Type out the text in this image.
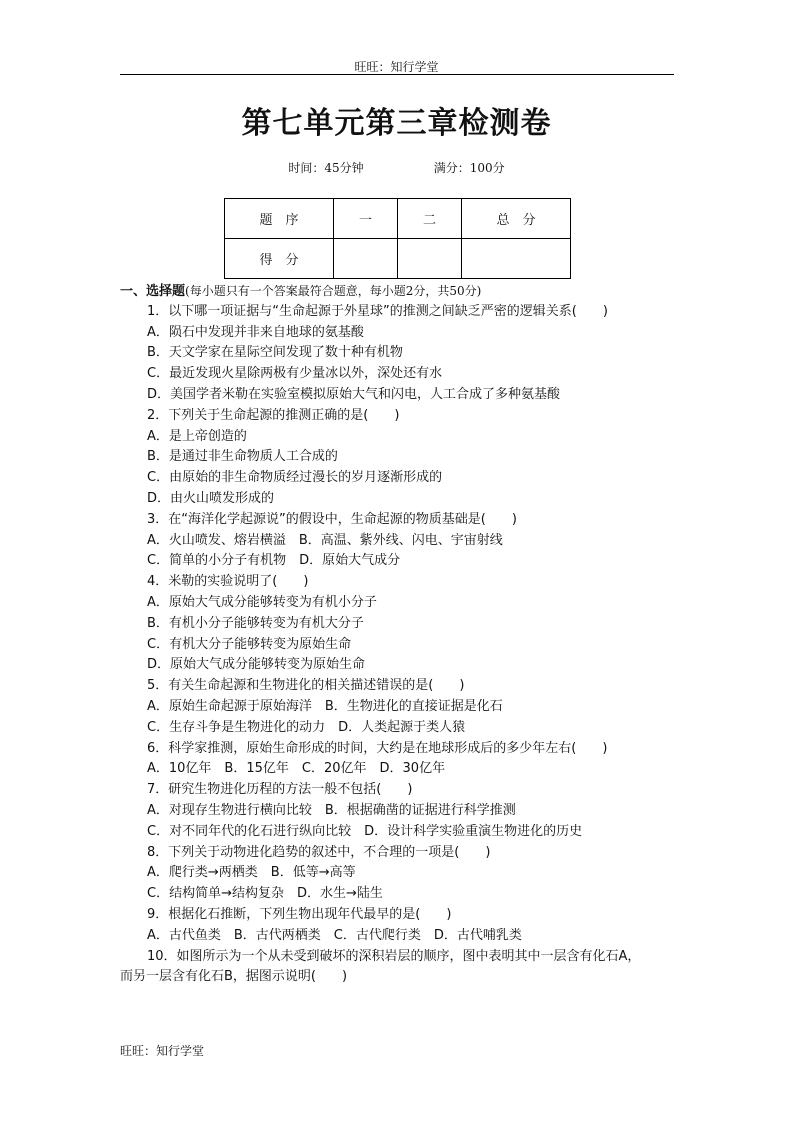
旺旺：知行学堂
第七单元第三章检测卷
时间：45分钟	满分：100分
题　序	一	二	总　分
得　分			
一、选择题(每小题只有一个答案最符合题意，每小题2分，共50分)
1．以下哪一项证据与“生命起源于外星球”的推测之间缺乏严密的逻辑关系(　　)
A．陨石中发现并非来自地球的氨基酸
B．天文学家在星际空间发现了数十种有机物
C．最近发现火星除两极有少量冰以外，深处还有水
D．美国学者米勒在实验室模拟原始大气和闪电，人工合成了多种氨基酸
2．下列关于生命起源的推测正确的是(　　)
A．是上帝创造的
B．是通过非生命物质人工合成的
C．由原始的非生命物质经过漫长的岁月逐渐形成的
D．由火山喷发形成的
3．在“海洋化学起源说”的假设中，生命起源的物质基础是(　　)
A．火山喷发、熔岩横溢　B．高温、紫外线、闪电、宇宙射线
C．简单的小分子有机物　D．原始大气成分
4．米勒的实验说明了(　　)
A．原始大气成分能够转变为有机小分子
B．有机小分子能够转变为有机大分子
C．有机大分子能够转变为原始生命
D．原始大气成分能够转变为原始生命
5．有关生命起源和生物进化的相关描述错误的是(　　)
A．原始生命起源于原始海洋　B．生物进化的直接证据是化石
C．生存斗争是生物进化的动力　D．人类起源于类人猿
6．科学家推测，原始生命形成的时间，大约是在地球形成后的多少年左右(　　)
A．10亿年　B．15亿年　C．20亿年　D．30亿年
7．研究生物进化历程的方法一般不包括(　　)
A．对现存生物进行横向比较　B．根据确凿的证据进行科学推测
C．对不同年代的化石进行纵向比较　D．设计科学实验重演生物进化的历史
8．下列关于动物进化趋势的叙述中，不合理的一项是(　　)
A．爬行类→两栖类　B．低等→高等
C．结构简单→结构复杂　D．水生→陆生
9．根据化石推断，下列生物出现年代最早的是(　　)
A．古代鱼类　B．古代两栖类　C．古代爬行类　D．古代哺乳类
10．如图所示为一个从未受到破坏的深积岩层的顺序，图中表明其中一层含有化石A，
而另一层含有化石B，据图示说明(　　)
旺旺：知行学堂
